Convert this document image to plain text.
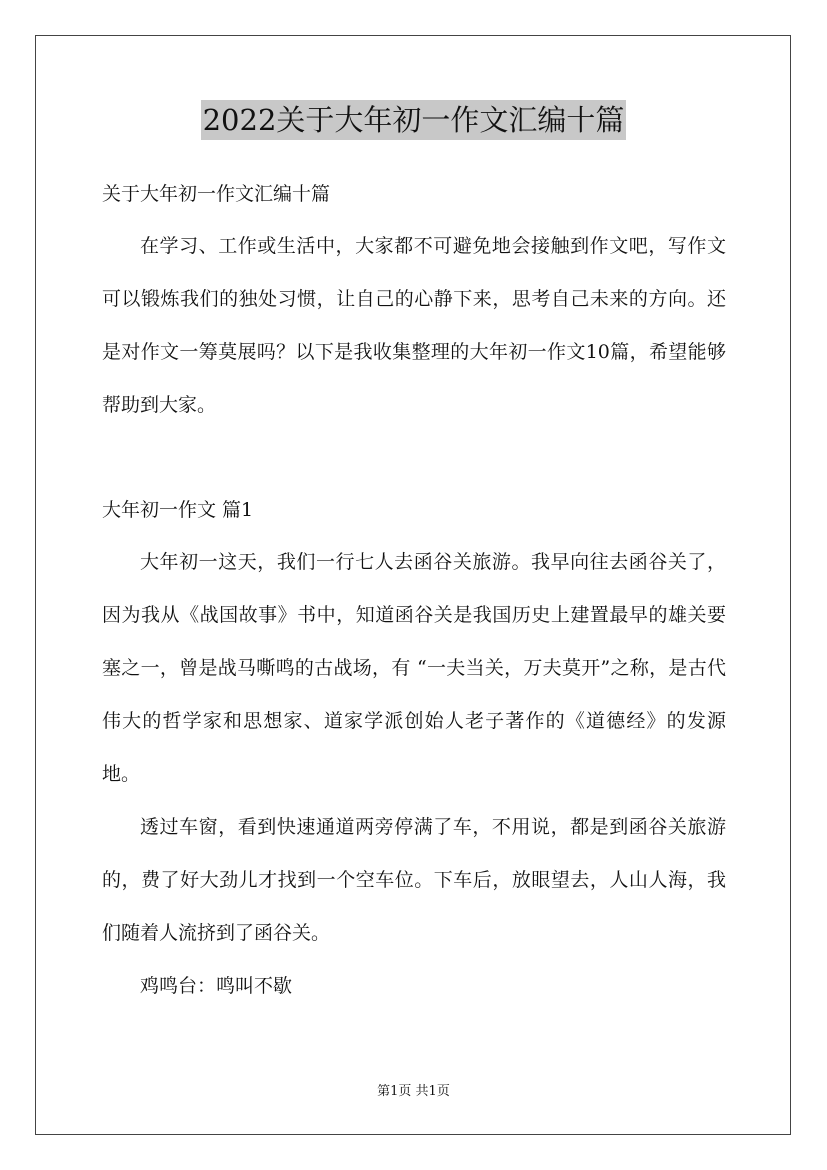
2022关于大年初一作文汇编十篇

关于大年初一作文汇编十篇

在学习、工作或生活中，大家都不可避免地会接触到作文吧，写作文可以锻炼我们的独处习惯，让自己的心静下来，思考自己未来的方向。还是对作文一筹莫展吗？以下是我收集整理的大年初一作文10篇，希望能够帮助到大家。

大年初一作文 篇1

大年初一这天，我们一行七人去函谷关旅游。我早向往去函谷关了，因为我从《战国故事》书中，知道函谷关是我国历史上建置最早的雄关要塞之一，曾是战马嘶鸣的古战场，有 “一夫当关，万夫莫开”之称，是古代伟大的哲学家和思想家、道家学派创始人老子著作的《道德经》的发源地。

透过车窗，看到快速通道两旁停满了车，不用说，都是到函谷关旅游的，费了好大劲儿才找到一个空车位。下车后，放眼望去，人山人海，我们随着人流挤到了函谷关。

鸡鸣台：鸣叫不歇

第1页 共1页
